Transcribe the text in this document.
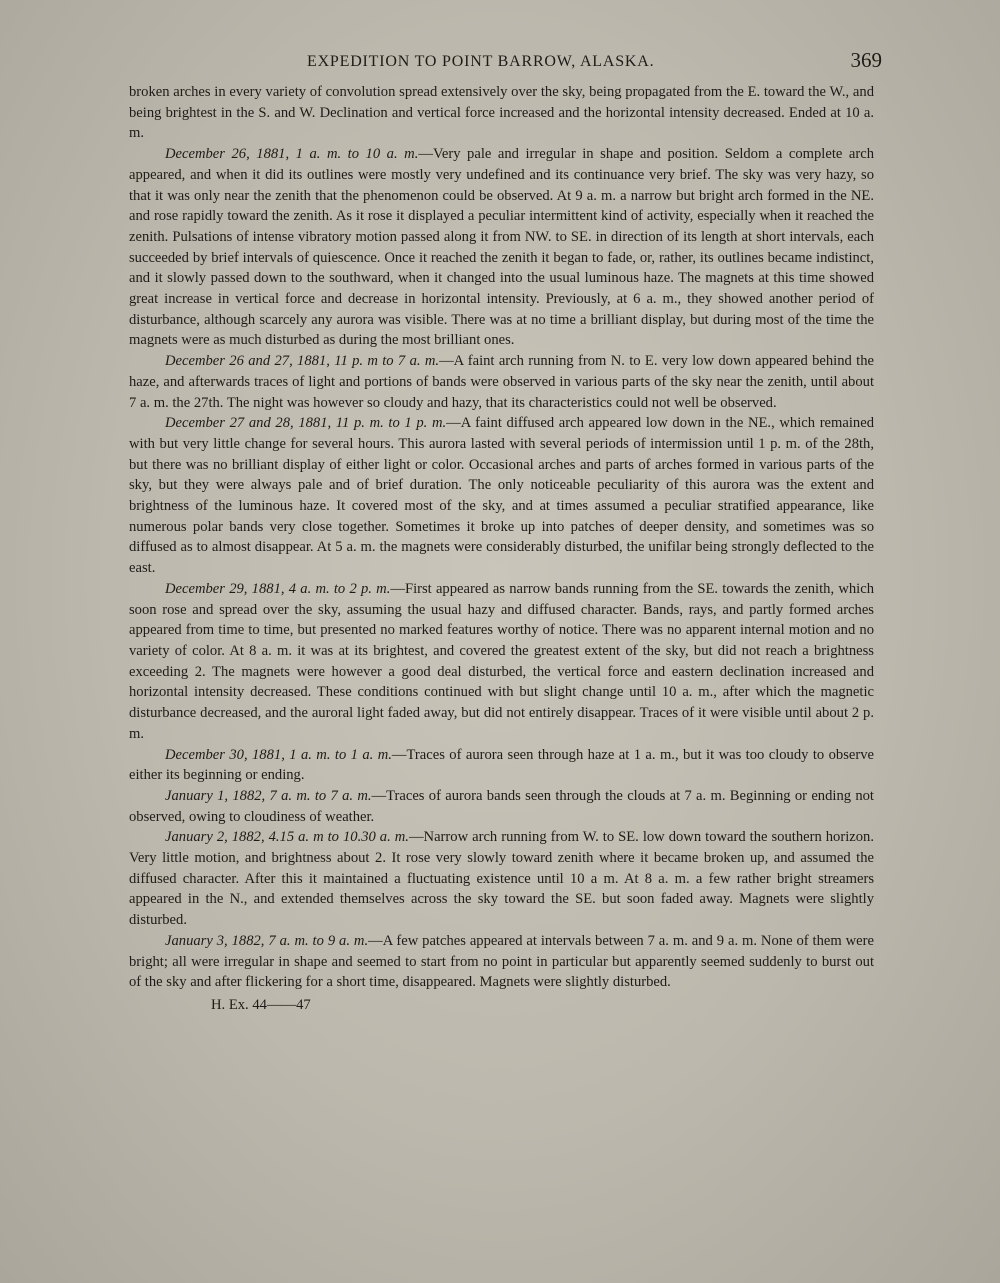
EXPEDITION TO POINT BARROW, ALASKA.	369

broken arches in every variety of convolution spread extensively over the sky, being propagated from the E. toward the W., and being brightest in the S. and W. Declination and vertical force increased and the horizontal intensity decreased. Ended at 10 a. m.

December 26, 1881, 1 a. m. to 10 a. m.—Very pale and irregular in shape and position. Seldom a complete arch appeared, and when it did its outlines were mostly very undefined and its continuance very brief. The sky was very hazy, so that it was only near the zenith that the phenomenon could be observed. At 9 a. m. a narrow but bright arch formed in the NE. and rose rapidly toward the zenith. As it rose it displayed a peculiar intermittent kind of activity, especially when it reached the zenith. Pulsations of intense vibratory motion passed along it from NW. to SE. in direction of its length at short intervals, each succeeded by brief intervals of quiescence. Once it reached the zenith it began to fade, or, rather, its outlines became indistinct, and it slowly passed down to the southward, when it changed into the usual luminous haze. The magnets at this time showed great increase in vertical force and decrease in horizontal intensity. Previously, at 6 a. m., they showed another period of disturbance, although scarcely any aurora was visible. There was at no time a brilliant display, but during most of the time the magnets were as much disturbed as during the most brilliant ones.

December 26 and 27, 1881, 11 p. m to 7 a. m.—A faint arch running from N. to E. very low down appeared behind the haze, and afterwards traces of light and portions of bands were observed in various parts of the sky near the zenith, until about 7 a. m. the 27th. The night was however so cloudy and hazy, that its characteristics could not well be observed.

December 27 and 28, 1881, 11 p. m. to 1 p. m.—A faint diffused arch appeared low down in the NE., which remained with but very little change for several hours. This aurora lasted with several periods of intermission until 1 p. m. of the 28th, but there was no brilliant display of either light or color. Occasional arches and parts of arches formed in various parts of the sky, but they were always pale and of brief duration. The only noticeable peculiarity of this aurora was the extent and brightness of the luminous haze. It covered most of the sky, and at times assumed a peculiar stratified appearance, like numerous polar bands very close together. Sometimes it broke up into patches of deeper density, and sometimes was so diffused as to almost disappear. At 5 a. m. the magnets were considerably disturbed, the unifilar being strongly deflected to the east.

December 29, 1881, 4 a. m. to 2 p. m.—First appeared as narrow bands running from the SE. towards the zenith, which soon rose and spread over the sky, assuming the usual hazy and diffused character. Bands, rays, and partly formed arches appeared from time to time, but presented no marked features worthy of notice. There was no apparent internal motion and no variety of color. At 8 a. m. it was at its brightest, and covered the greatest extent of the sky, but did not reach a brightness exceeding 2. The magnets were however a good deal disturbed, the vertical force and eastern declination increased and horizontal intensity decreased. These conditions continued with but slight change until 10 a. m., after which the magnetic disturbance decreased, and the auroral light faded away, but did not entirely disappear. Traces of it were visible until about 2 p. m.

December 30, 1881, 1 a. m. to 1 a. m.—Traces of aurora seen through haze at 1 a. m., but it was too cloudy to observe either its beginning or ending.

January 1, 1882, 7 a. m. to 7 a. m.—Traces of aurora bands seen through the clouds at 7 a. m. Beginning or ending not observed, owing to cloudiness of weather.

January 2, 1882, 4.15 a. m to 10.30 a. m.—Narrow arch running from W. to SE. low down toward the southern horizon. Very little motion, and brightness about 2. It rose very slowly toward zenith where it became broken up, and assumed the diffused character. After this it maintained a fluctuating existence until 10 a m. At 8 a. m. a few rather bright streamers appeared in the N., and extended themselves across the sky toward the SE. but soon faded away. Magnets were slightly disturbed.

January 3, 1882, 7 a. m. to 9 a. m.—A few patches appeared at intervals between 7 a. m. and 9 a. m. None of them were bright; all were irregular in shape and seemed to start from no point in particular but apparently seemed suddenly to burst out of the sky and after flickering for a short time, disappeared. Magnets were slightly disturbed.

H. Ex. 44——47
